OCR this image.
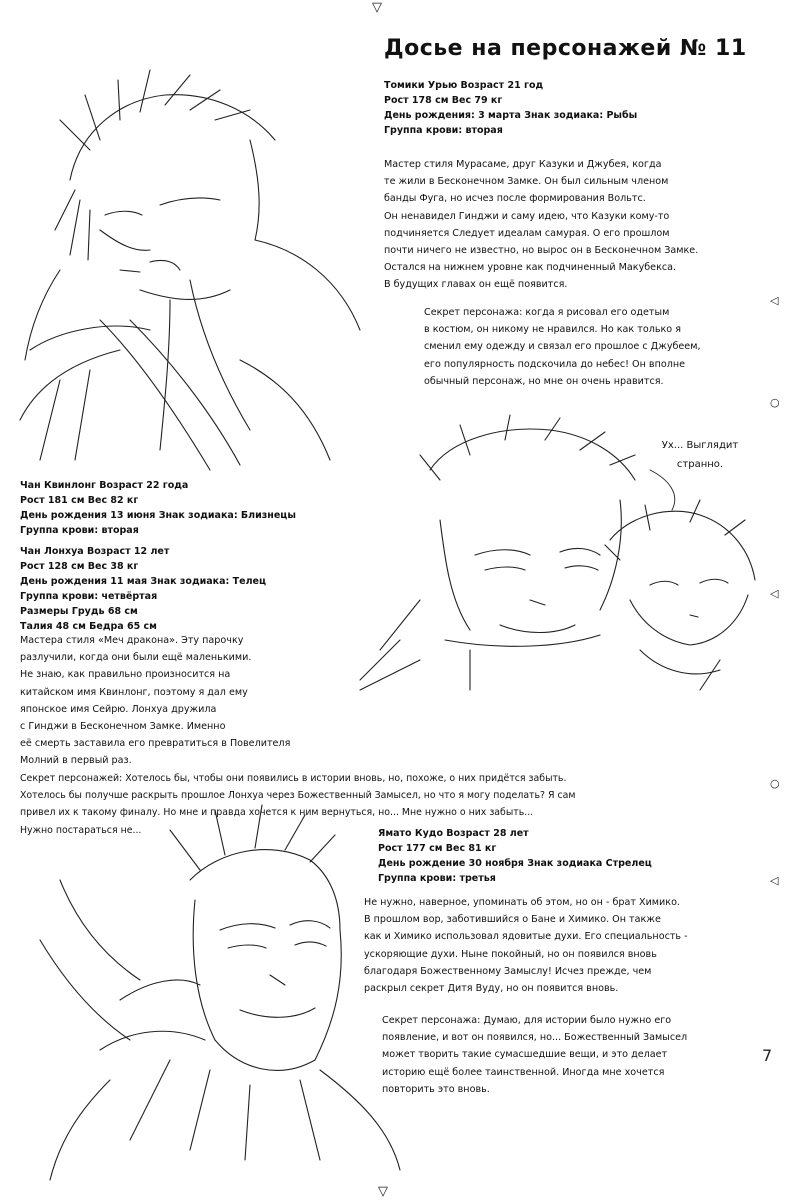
▽
▽
◁
○
◁
○
◁
7
Досье на персонажей № 11
Томики Урью Возраст 21 год
Рост 178 см Вес 79 кг
День рождения: 3 марта Знак зодиака: Рыбы
Группа крови: вторая
Мастер стиля Мурасаме, друг Казуки и Джубея, когда
те жили в Бесконечном Замке. Он был сильным членом
банды Фуга, но исчез после формирования Вольтс.
Он ненавидел Гинджи и саму идею, что Казуки кому-то
подчиняется Следует идеалам самурая. О его прошлом
почти ничего не известно, но вырос он в Бесконечном Замке.
Остался на нижнем уровне как подчиненный Макубекса.
В будущих главах он ещё появится.
Секрет персонажа: когда я рисовал его одетым
в костюм, он никому не нравился. Но как только я
сменил ему одежду и связал его прошлое с Джубеем,
его популярность подскочила до небес! Он вполне
обычный персонаж, но мне он очень нравится.
Ух... Выглядит
странно.
Чан Квинлонг Возраст 22 года
Рост 181 см Вес 82 кг
День рождения 13 июня Знак зодиака: Близнецы
Группа крови: вторая
Чан Лонхуа Возраст 12 лет
Рост 128 см Вес 38 кг
День рождения 11 мая Знак зодиака: Телец
Группа крови: четвёртая
Размеры Грудь 68 см
Талия 48 см Бедра 65 см
Мастера стиля «Меч дракона». Эту парочку
разлучили, когда они были ещё маленькими.
Не знаю, как правильно произносится на
китайском имя Квинлонг, поэтому я дал ему
японское имя Сейрю. Лонхуа дружила
с Гинджи в Бесконечном Замке. Именно
её смерть заставила его превратиться в Повелителя
Молний в первый раз.
Секрет персонажей: Хотелось бы, чтобы они появились в истории вновь, но, похоже, о них придётся забыть.
Хотелось бы получше раскрыть прошлое Лонхуа через Божественный Замысел, но что я могу поделать? Я сам
привел их к такому финалу. Но мне и правда хочется к ним вернуться, но... Мне нужно о них забыть...
Нужно постараться не...	Ямато Кудо Возраст 28 лет
Рост 177 см Вес 81 кг
День рождение 30 ноября Знак зодиака Стрелец
Группа крови: третья
Не нужно, наверное, упоминать об этом, но он - брат Химико.
В прошлом вор, заботившийся о Бане и Химико. Он также
как и Химико использовал ядовитые духи. Его специальность -
ускоряющие духи. Ныне покойный, но он появился вновь
благодаря Божественному Замыслу! Исчез прежде, чем
раскрыл секрет Дитя Вуду, но он появится вновь.
Секрет персонажа: Думаю, для истории было нужно его
появление, и вот он появился, но... Божественный Замысел
может творить такие сумасшедшие вещи, и это делает
историю ещё более таинственной. Иногда мне хочется
повторить это вновь.
